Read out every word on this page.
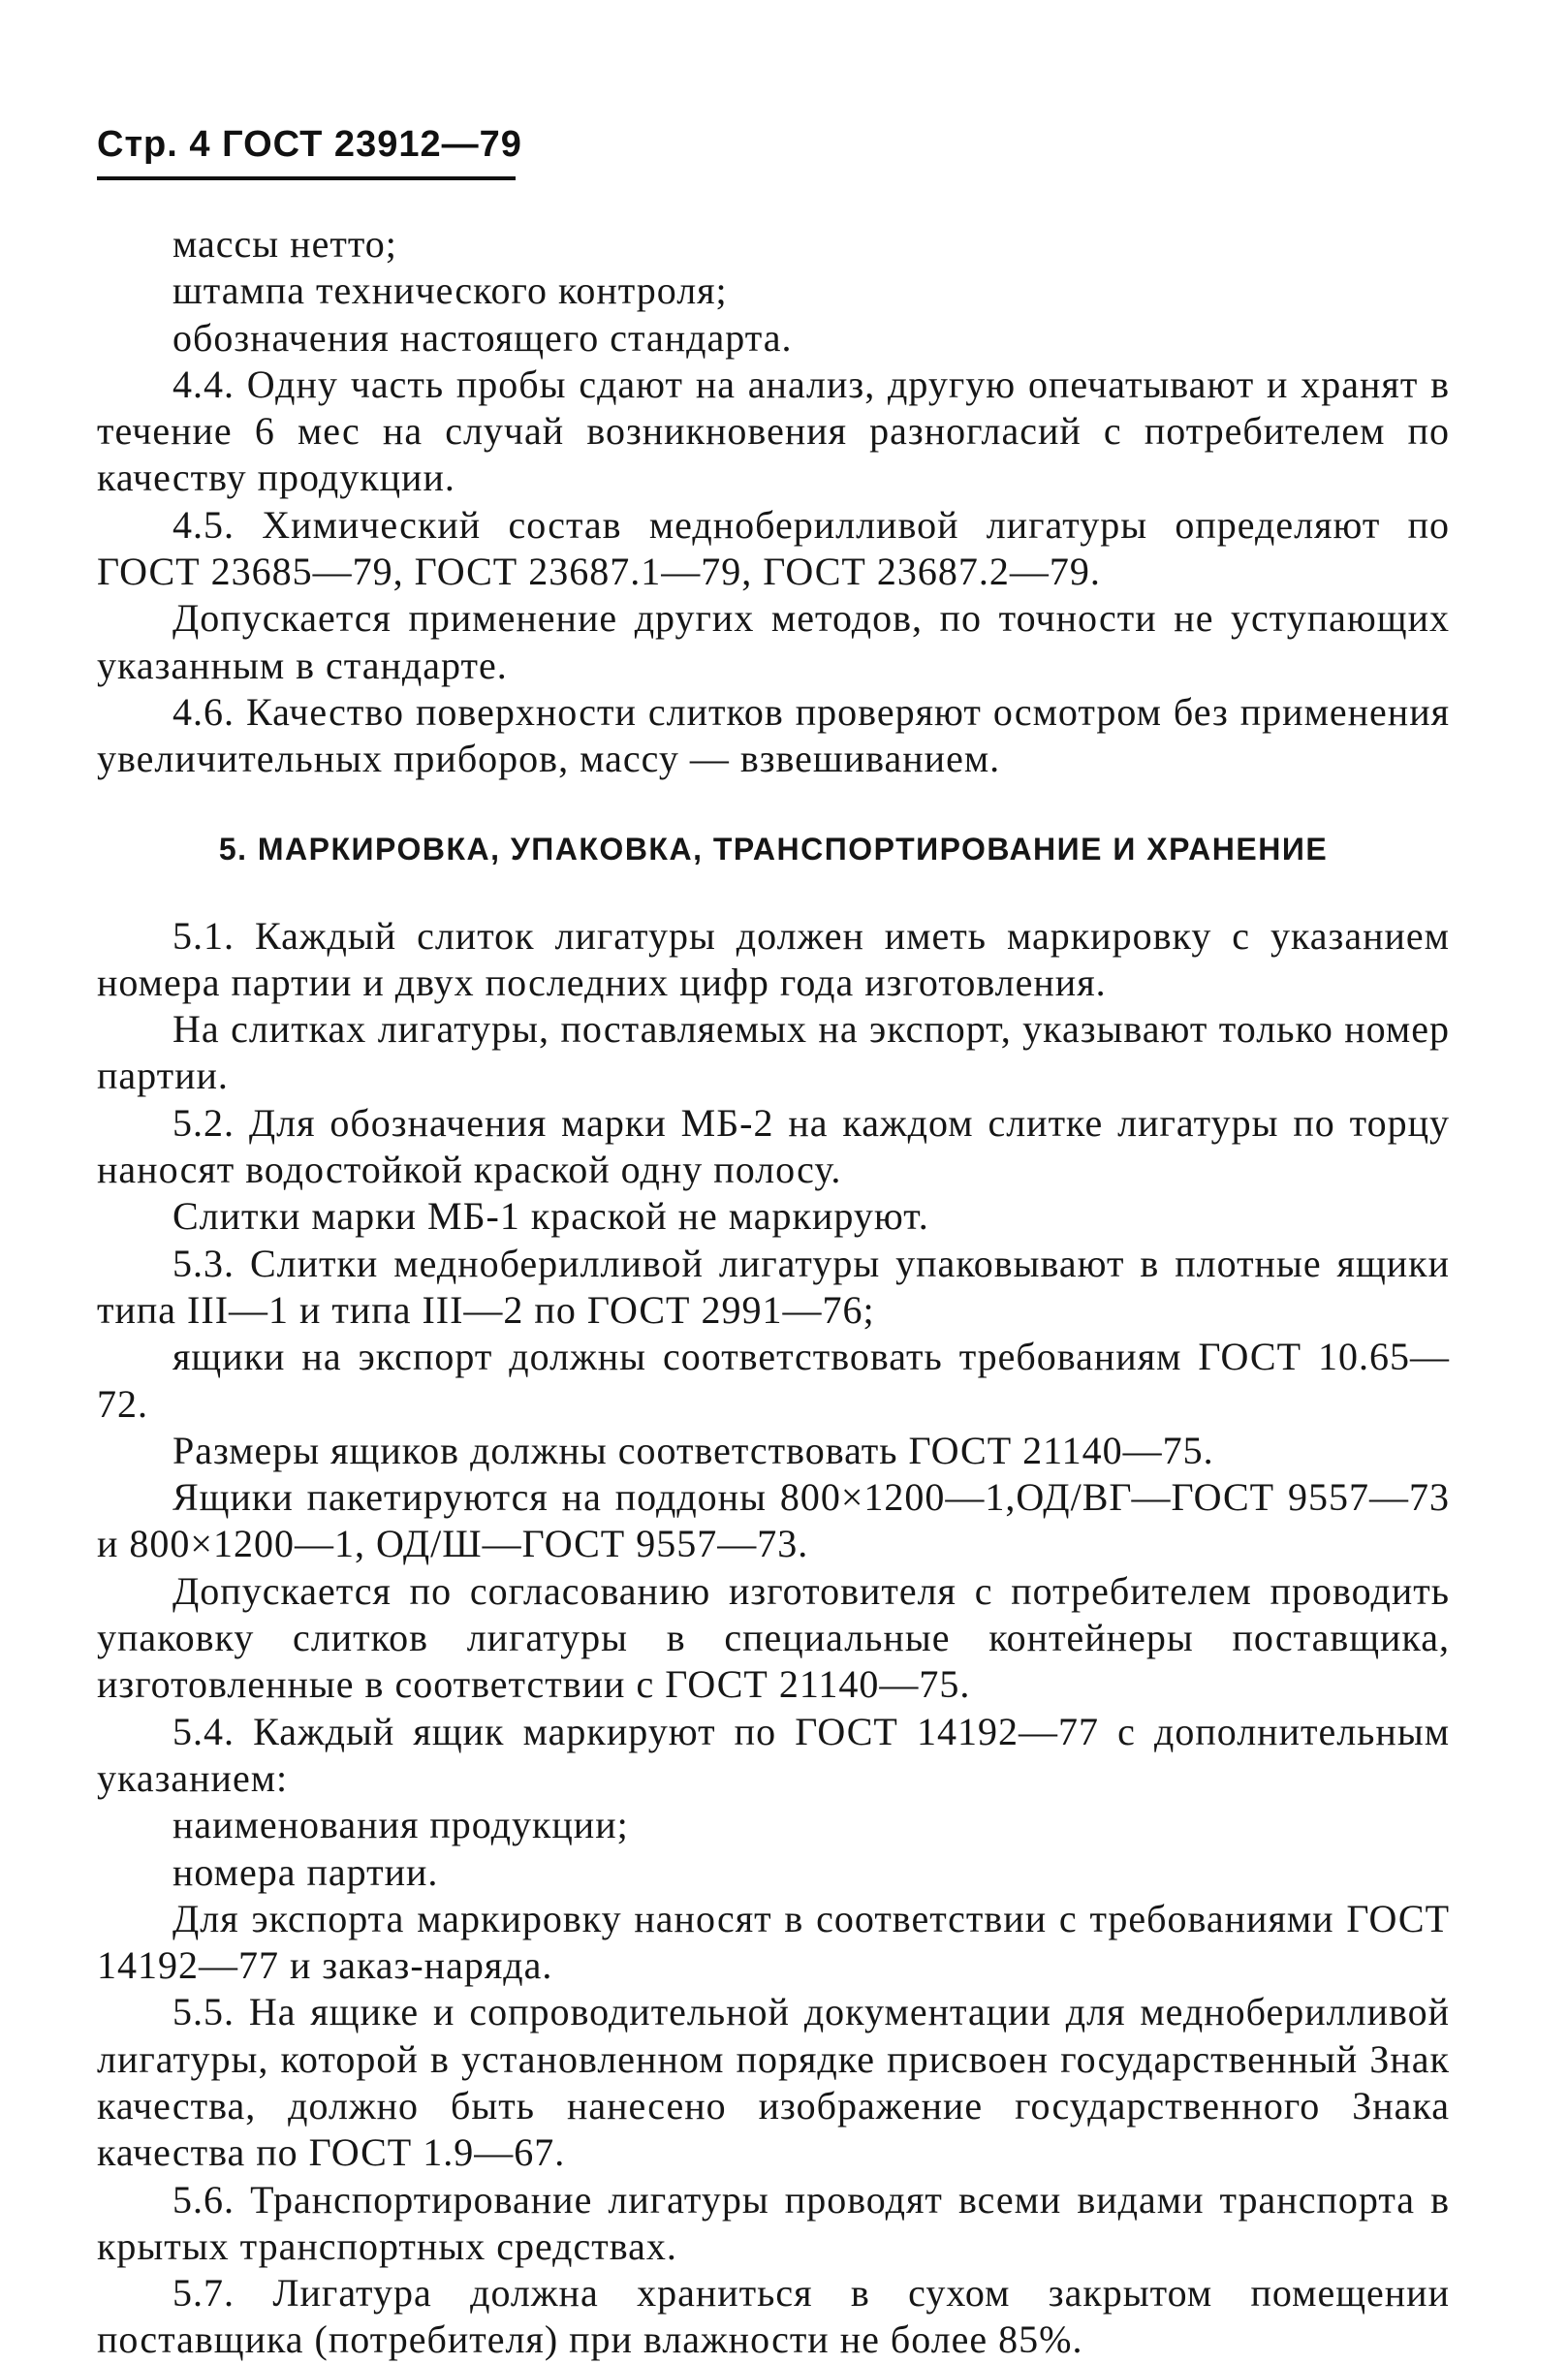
Стр. 4 ГОСТ 23912—79

массы нетто;

штампа технического контроля;

обозначения настоящего стандарта.

4.4. Одну часть пробы сдают на анализ, другую опечатывают и хранят в течение 6 мес на случай возникновения разногласий с потребителем по качеству продукции.

4.5. Химический состав медноберилливой лигатуры определяют по ГОСТ 23685—79, ГОСТ 23687.1—79, ГОСТ 23687.2—79.

Допускается применение других методов, по точности не уступающих указанным в стандарте.

4.6. Качество поверхности слитков проверяют осмотром без применения увеличительных приборов, массу — взвешиванием.

5. МАРКИРОВКА, УПАКОВКА, ТРАНСПОРТИРОВАНИЕ И ХРАНЕНИЕ

5.1. Каждый слиток лигатуры должен иметь маркировку с указанием номера партии и двух последних цифр года изготовления.

На слитках лигатуры, поставляемых на экспорт, указывают только номер партии.

5.2. Для обозначения марки МБ-2 на каждом слитке лигатуры по торцу наносят водостойкой краской одну полосу.

Слитки марки МБ-1 краской не маркируют.

5.3. Слитки медноберилливой лигатуры упаковывают в плотные ящики типа III—1 и типа III—2 по ГОСТ 2991—76;

ящики на экспорт должны соответствовать требованиям ГОСТ 10.65—72.

Размеры ящиков должны соответствовать ГОСТ 21140—75.

Ящики пакетируются на поддоны 800×1200—1,ОД/ВГ—ГОСТ 9557—73 и 800×1200—1, ОД/Ш—ГОСТ 9557—73.

Допускается по согласованию изготовителя с потребителем проводить упаковку слитков лигатуры в специальные контейнеры поставщика, изготовленные в соответствии с ГОСТ 21140—75.

5.4. Каждый ящик маркируют по ГОСТ 14192—77 с дополнительным указанием:

наименования продукции;

номера партии.

Для экспорта маркировку наносят в соответствии с требованиями ГОСТ 14192—77 и заказ-наряда.

5.5. На ящике и сопроводительной документации для медноберилливой лигатуры, которой в установленном порядке присвоен государственный Знак качества, должно быть нанесено изображение государственного Знака качества по ГОСТ 1.9—67.

5.6. Транспортирование лигатуры проводят всеми видами транспорта в крытых транспортных средствах.

5.7. Лигатура должна храниться в сухом закрытом помещении поставщика (потребителя) при влажности не более 85%.
